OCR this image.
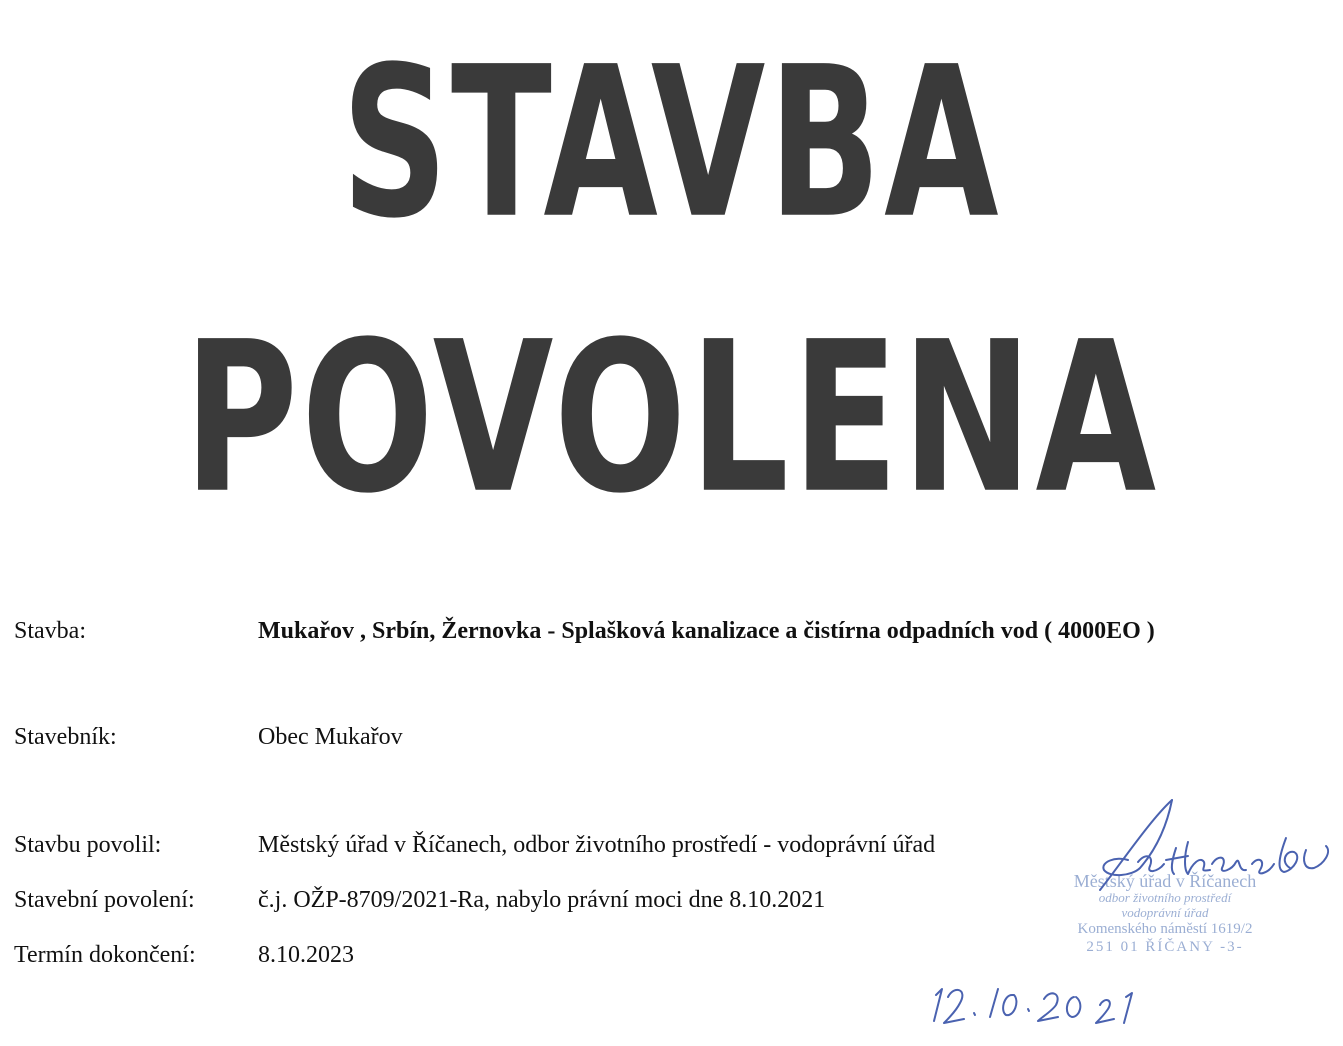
STAVBA
POVOLENA
Stavba:	Mukařov , Srbín, Žernovka - Splašková kanalizace a čistírna odpadních vod ( 4000EO )
Stavebník:	Obec Mukařov
Stavbu povolil:	Městský úřad v Říčanech, odbor životního prostředí - vodoprávní úřad
Stavební povolení:	č.j. OŽP-8709/2021-Ra, nabylo právní moci dne 8.10.2021
Termín dokončení:	8.10.2023
Městský úřad v Říčanech
odbor životního prostředí
vodoprávní úřad
Komenského náměstí 1619/2
251 01 ŘÍČANY -3-
